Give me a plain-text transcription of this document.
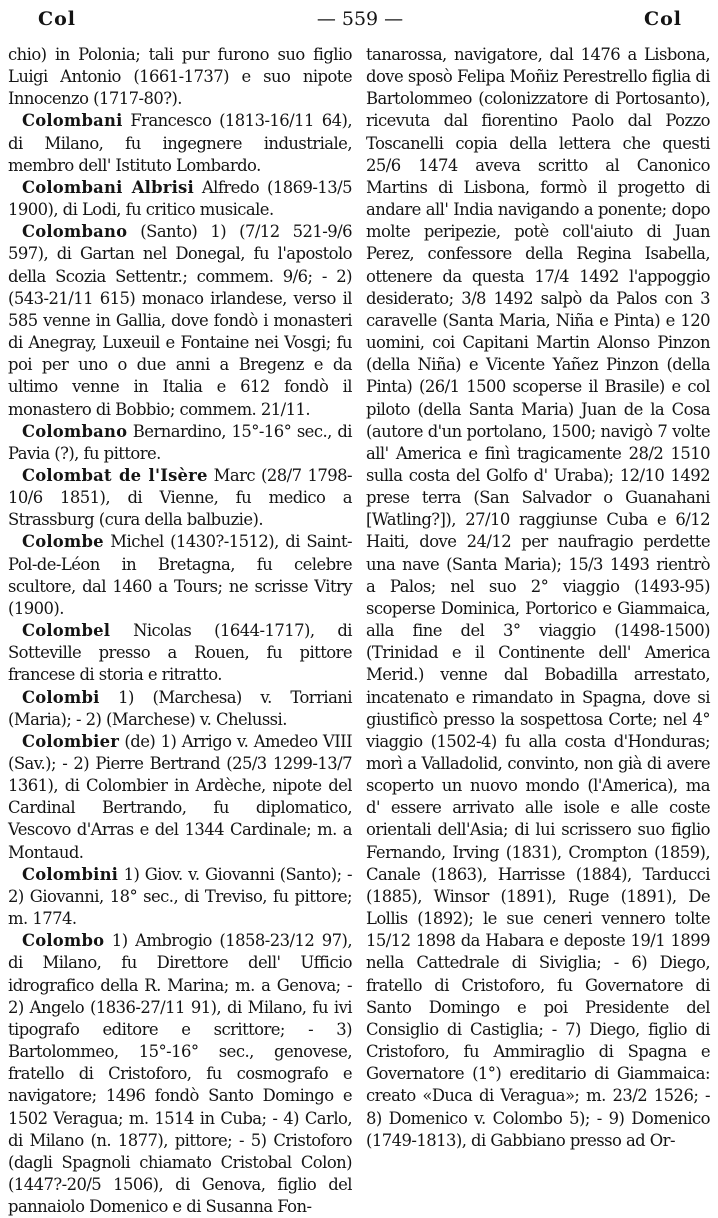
Col	— 559 —	Col

chio) in Polonia; tali pur furono suo figlio Luigi Antonio (1661-1737) e suo nipote Innocenzo (1717-80?).

Colombani Francesco (1813-16/11 64), di Milano, fu ingegnere industriale, membro dell' Istituto Lombardo.

Colombani Albrisi Alfredo (1869-13/5 1900), di Lodi, fu critico musicale.

Colombano (Santo) 1) (7/12 521-9/6 597), di Gartan nel Donegal, fu l'apostolo della Scozia Settentr.; commem. 9/6; - 2) (543-21/11 615) monaco irlandese, verso il 585 venne in Gallia, dove fondò i monasteri di Anegray, Luxeuil e Fontaine nei Vosgi; fu poi per uno o due anni a Bregenz e da ultimo venne in Italia e 612 fondò il monastero di Bobbio; commem. 21/11.

Colombano Bernardino, 15°-16° sec., di Pavia (?), fu pittore.

Colombat de l'Isère Marc (28/7 1798-10/6 1851), di Vienne, fu medico a Strassburg (cura della balbuzie).

Colombe Michel (1430?-1512), di Saint-Pol-de-Léon in Bretagna, fu celebre scultore, dal 1460 a Tours; ne scrisse Vitry (1900).

Colombel Nicolas (1644-1717), di Sotteville presso a Rouen, fu pittore francese di storia e ritratto.

Colombi 1) (Marchesa) v. Torriani (Maria); - 2) (Marchese) v. Chelussi.

Colombier (de) 1) Arrigo v. Amedeo VIII (Sav.); - 2) Pierre Bertrand (25/3 1299-13/7 1361), di Colombier in Ardèche, nipote del Cardinal Bertrando, fu diplomatico, Vescovo d'Arras e del 1344 Cardinale; m. a Montaud.

Colombini 1) Giov. v. Giovanni (Santo); - 2) Giovanni, 18° sec., di Treviso, fu pittore; m. 1774.

Colombo 1) Ambrogio (1858-23/12 97), di Milano, fu Direttore dell' Ufficio idrografico della R. Marina; m. a Genova; - 2) Angelo (1836-27/11 91), di Milano, fu ivi tipografo editore e scrittore; - 3) Bartolommeo, 15°-16° sec., genovese, fratello di Cristoforo, fu cosmografo e navigatore; 1496 fondò Santo Domingo e 1502 Veragua; m. 1514 in Cuba; - 4) Carlo, di Milano (n. 1877), pittore; - 5) Cristoforo (dagli Spagnoli chiamato Cristobal Colon) (1447?-20/5 1506), di Genova, figlio del pannaiolo Domenico e di Susanna Fon-

tanarossa, navigatore, dal 1476 a Lisbona, dove sposò Felipa Moñiz Perestrello figlia di Bartolommeo (colonizzatore di Portosanto), ricevuta dal fiorentino Paolo dal Pozzo Toscanelli copia della lettera che questi 25/6 1474 aveva scritto al Canonico Martins di Lisbona, formò il progetto di andare all' India navigando a ponente; dopo molte peripezie, potè coll'aiuto di Juan Perez, confessore della Regina Isabella, ottenere da questa 17/4 1492 l'appoggio desiderato; 3/8 1492 salpò da Palos con 3 caravelle (Santa Maria, Niña e Pinta) e 120 uomini, coi Capitani Martin Alonso Pinzon (della Niña) e Vicente Yañez Pinzon (della Pinta) (26/1 1500 scoperse il Brasile) e col piloto (della Santa Maria) Juan de la Cosa (autore d'un portolano, 1500; navigò 7 volte all' America e finì tragicamente 28/2 1510 sulla costa del Golfo d' Uraba); 12/10 1492 prese terra (San Salvador o Guanahani [Watling?]), 27/10 raggiunse Cuba e 6/12 Haiti, dove 24/12 per naufragio perdette una nave (Santa Maria); 15/3 1493 rientrò a Palos; nel suo 2° viaggio (1493-95) scoperse Dominica, Portorico e Giammaica, alla fine del 3° viaggio (1498-1500) (Trinidad e il Continente dell' America Merid.) venne dal Bobadilla arrestato, incatenato e rimandato in Spagna, dove si giustificò presso la sospettosa Corte; nel 4° viaggio (1502-4) fu alla costa d'Honduras; morì a Valladolid, convinto, non già di avere scoperto un nuovo mondo (l'America), ma d' essere arrivato alle isole e alle coste orientali dell'Asia; di lui scrissero suo figlio Fernando, Irving (1831), Crompton (1859), Canale (1863), Harrisse (1884), Tarducci (1885), Winsor (1891), Ruge (1891), De Lollis (1892); le sue ceneri vennero tolte 15/12 1898 da Habara e deposte 19/1 1899 nella Cattedrale di Siviglia; - 6) Diego, fratello di Cristoforo, fu Governatore di Santo Domingo e poi Presidente del Consiglio di Castiglia; - 7) Diego, figlio di Cristoforo, fu Ammiraglio di Spagna e Governatore (1°) ereditario di Giammaica: creato «Duca di Veragua»; m. 23/2 1526; - 8) Domenico v. Colombo 5); - 9) Domenico (1749-1813), di Gabbiano presso ad Or-
